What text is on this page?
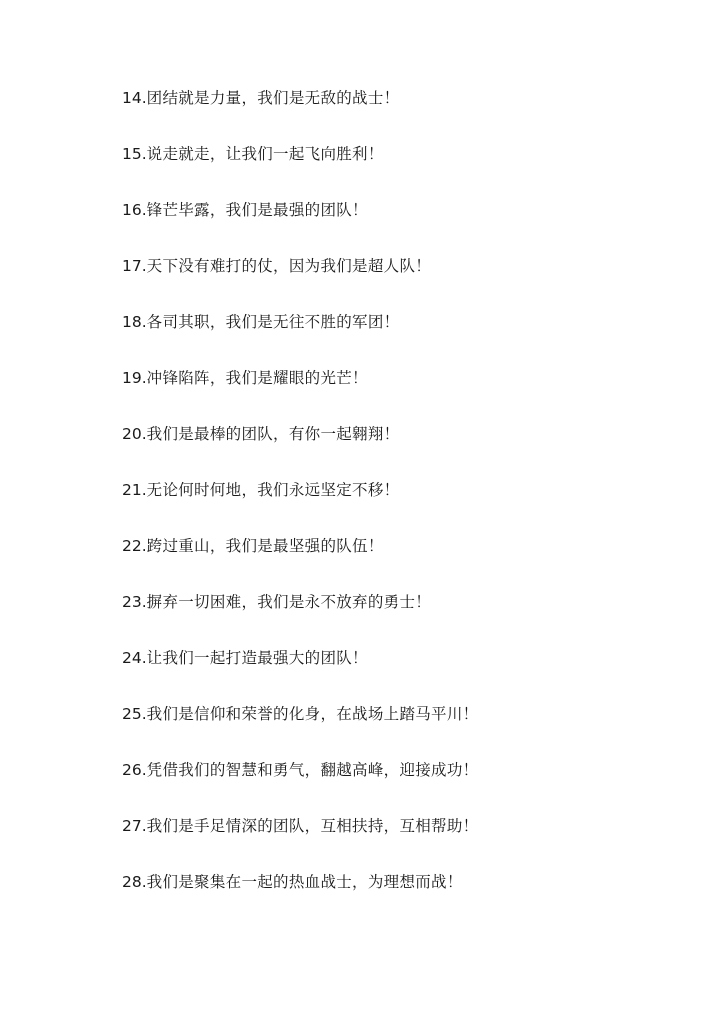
14.团结就是力量，我们是无敌的战士！
15.说走就走，让我们一起飞向胜利！
16.锋芒毕露，我们是最强的团队！
17.天下没有难打的仗，因为我们是超人队！
18.各司其职，我们是无往不胜的军团！
19.冲锋陷阵，我们是耀眼的光芒！
20.我们是最棒的团队，有你一起翱翔！
21.无论何时何地，我们永远坚定不移！
22.跨过重山，我们是最坚强的队伍！
23.摒弃一切困难，我们是永不放弃的勇士！
24.让我们一起打造最强大的团队！
25.我们是信仰和荣誉的化身，在战场上踏马平川！
26.凭借我们的智慧和勇气，翻越高峰，迎接成功！
27.我们是手足情深的团队，互相扶持，互相帮助！
28.我们是聚集在一起的热血战士，为理想而战！
